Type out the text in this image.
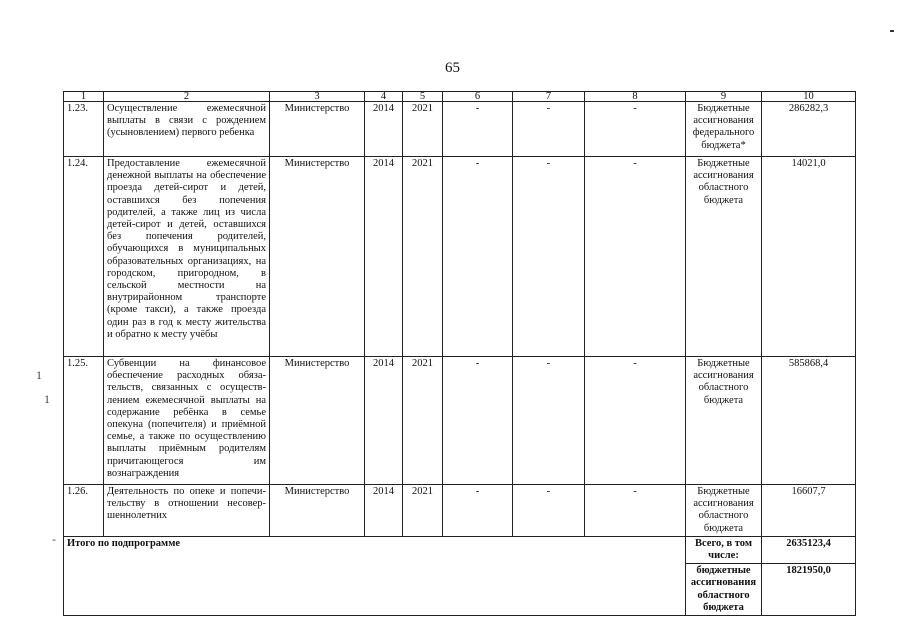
65
1
1
-
1	2	3	4	5	6	7	8	9	10
1.23.	Осуществление ежемесячной выплаты в связи с рождением (усыновлением) первого ребенка	Министерство	2014	2021	-	-	-	Бюджетные ассигнования федерального бюджета*	286282,3
1.24.	Предоставление ежемесячной денежной выплаты на обеспечение проезда детей-сирот и детей, оставшихся без попечения родителей, а также лиц из числа детей-сирот и детей, оставшихся без попечения родителей, обучающихся в муниципальных образовательных организациях, на городском, пригородном, в сельской местности на внутрирайонном транспорте (кроме такси), а также проезда один раз в год к месту жительства и обратно к месту учёбы	Министерство	2014	2021	-	-	-	Бюджетные ассигнования областного бюджета	14021,0
1.25.	Субвенции на финансовое обеспечение расходных обязательств, связанных с осуществлением ежемесячной выплаты на содержание ребёнка в семье опекуна (попечителя) и приёмной семье, а также по осуществлению выплаты приёмным родителям причитающегося им вознаграждения	Министерство	2014	2021	-	-	-	Бюджетные ассигнования областного бюджета	585868,4
1.26.	Деятельность по опеке и попечительству в отношении несовершеннолетних	Министерство	2014	2021	-	-	-	Бюджетные ассигнования областного бюджета	16607,7
Итого по подпрограмме								Всего, в том числе:	2635123,4
								бюджетные ассигнования областного бюджета	1821950,0
